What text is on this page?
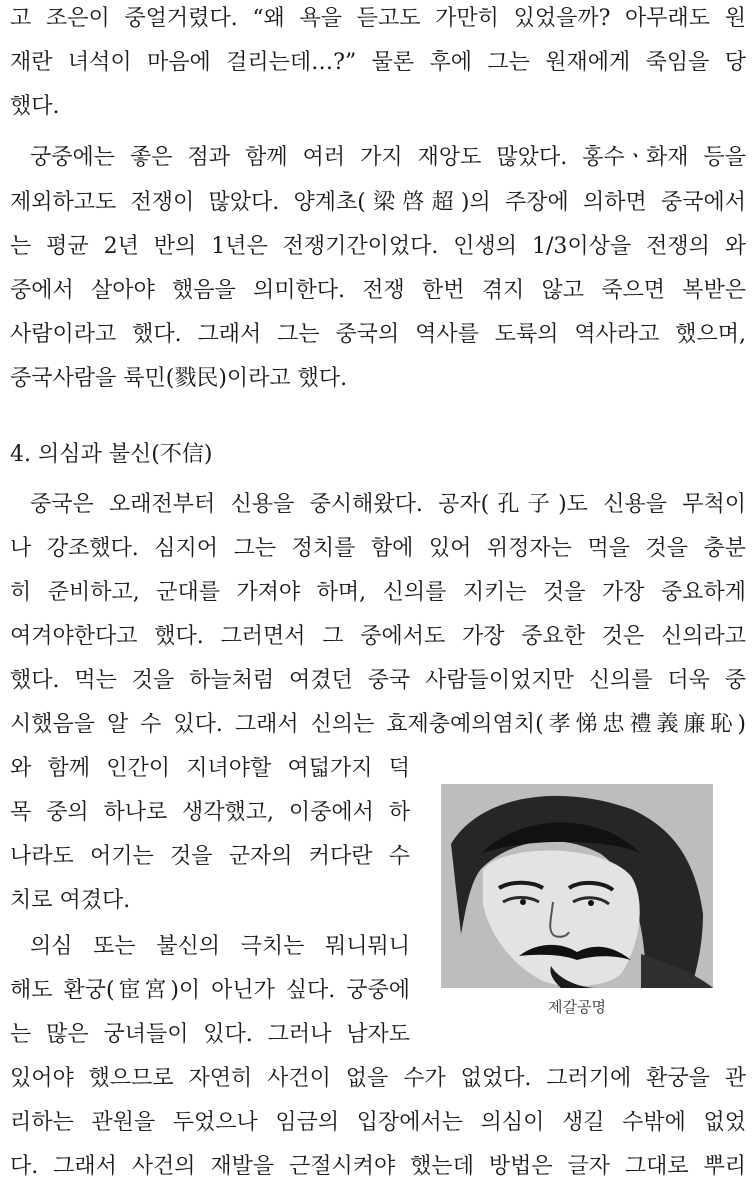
고 조은이 중얼거렸다. “왜 욕을 듣고도 가만히 있었을까? 아무래도 원
재란 녀석이 마음에 걸리는데…?” 물론 후에 그는 원재에게 죽임을 당
했다.
궁중에는 좋은 점과 함께 여러 가지 재앙도 많았다. 홍수ㆍ화재 등을
제외하고도 전쟁이 많았다. 양계초(梁啓超)의 주장에 의하면 중국에서
는 평균 2년 반의 1년은 전쟁기간이었다. 인생의 1/3이상을 전쟁의 와
중에서 살아야 했음을 의미한다. 전쟁 한번 겪지 않고 죽으면 복받은
사람이라고 했다. 그래서 그는 중국의 역사를 도륙의 역사라고 했으며,
중국사람을 륙민(戮民)이라고 했다.
4. 의심과 불신(不信)
중국은 오래전부터 신용을 중시해왔다. 공자(孔子)도 신용을 무척이
나 강조했다. 심지어 그는 정치를 함에 있어 위정자는 먹을 것을 충분
히 준비하고, 군대를 가져야 하며, 신의를 지키는 것을 가장 중요하게
여겨야한다고 했다. 그러면서 그 중에서도 가장 중요한 것은 신의라고
했다. 먹는 것을 하늘처럼 여겼던 중국 사람들이었지만 신의를 더욱 중
시했음을 알 수 있다. 그래서 신의는 효제충예의염치(孝悌忠禮義廉恥)
와 함께 인간이 지녀야할 여덟가지 덕
목 중의 하나로 생각했고, 이중에서 하
나라도 어기는 것을 군자의 커다란 수
치로 여겼다.
의심 또는 불신의 극치는 뭐니뭐니
해도 환궁(宦宮)이 아닌가 싶다. 궁중에
는 많은 궁녀들이 있다. 그러나 남자도
있어야 했으므로 자연히 사건이 없을 수가 없었다. 그러기에 환궁을 관
리하는 관원을 두었으나 임금의 입장에서는 의심이 생길 수밖에 없었
다. 그래서 사건의 재발을 근절시켜야 했는데 방법은 글자 그대로 뿌리
제갈공명
